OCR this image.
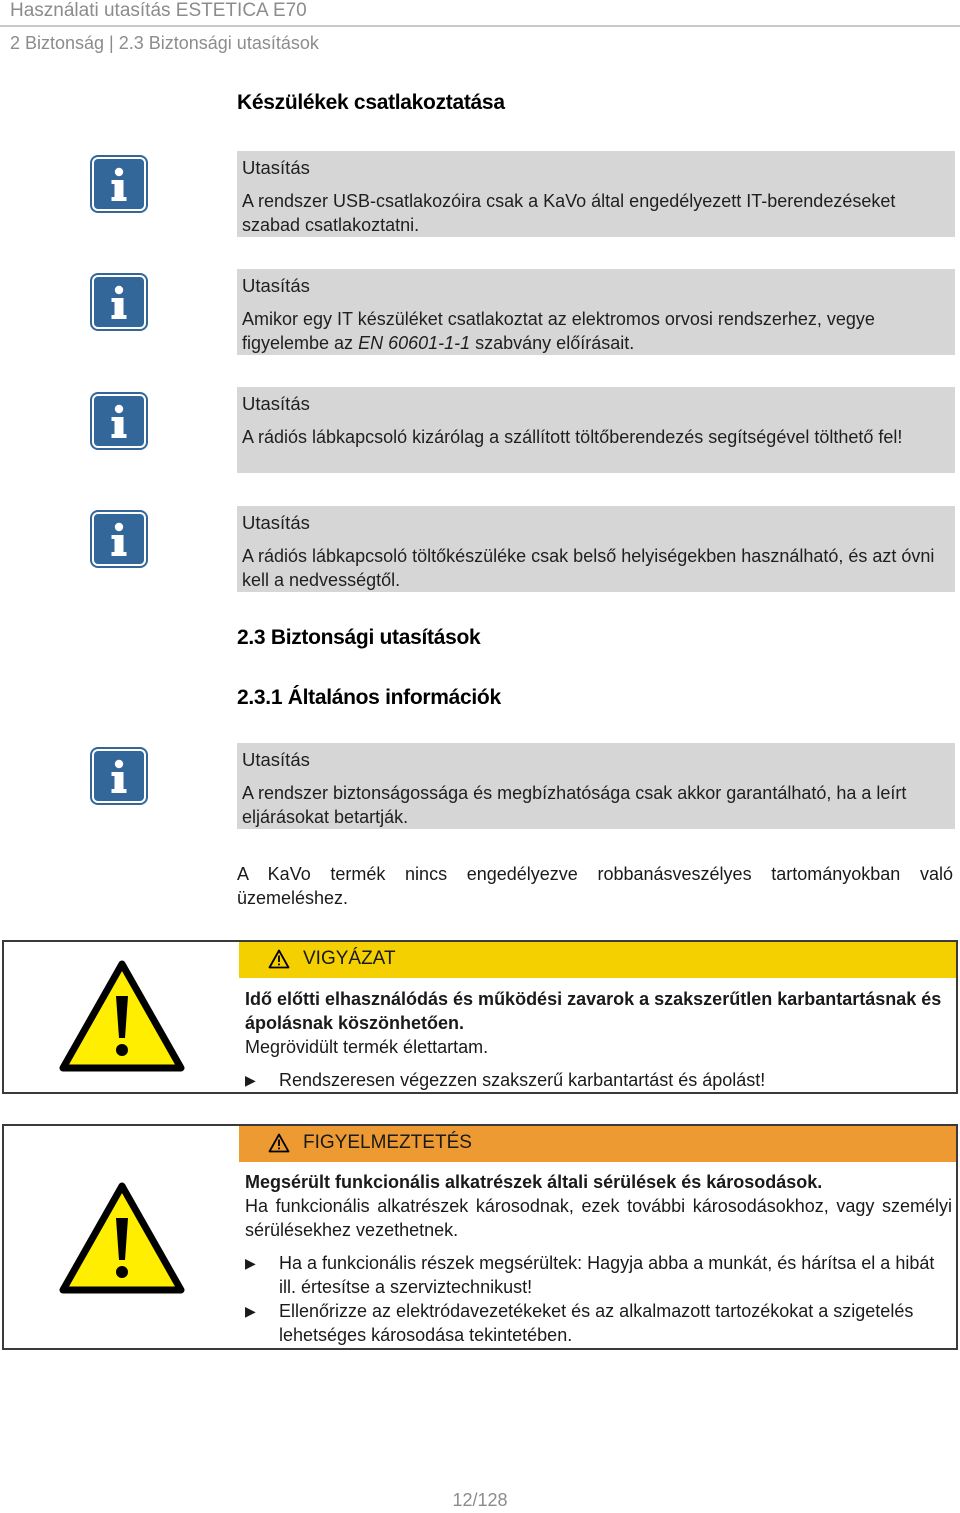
Használati utasítás ESTETICA E70
2 Biztonság | 2.3 Biztonsági utasítások
Készülékek csatlakoztatása
Utasítás
A rendszer USB-csatlakozóira csak a KaVo által engedélyezett IT-berendezéseket szabad csatlakoztatni.
Utasítás
Amikor egy IT készüléket csatlakoztat az elektromos orvosi rendszerhez, vegye figyelembe az EN 60601-1-1 szabvány előírásait.
Utasítás
A rádiós lábkapcsoló kizárólag a szállított töltőberendezés segítségével tölthető fel!
Utasítás
A rádiós lábkapcsoló töltőkészüléke csak belső helyiségekben használható, és azt óvni kell a nedvességtől.
2.3 Biztonsági utasítások
2.3.1 Általános információk
Utasítás
A rendszer biztonságossága és megbízhatósága csak akkor garantálható, ha a leírt eljárásokat betartják.
A KaVo termék nincs engedélyezve robbanásveszélyes tartományokban való üzemeléshez.
VIGYÁZAT
Idő előtti elhasználódás és működési zavarok a szakszerűtlen karbantartásnak és ápolásnak köszönhetően.
Megrövidült termék élettartam.
▶ Rendszeresen végezzen szakszerű karbantartást és ápolást!
FIGYELMEZTETÉS
Megsérült funkcionális alkatrészek általi sérülések és károsodások.
Ha funkcionális alkatrészek károsodnak, ezek további károsodásokhoz, vagy személyi sérülésekhez vezethetnek.
▶ Ha a funkcionális részek megsérültek: Hagyja abba a munkát, és hárítsa el a hibát ill. értesítse a szerviztechnikust!
▶ Ellenőrizze az elektródavezetékeket és az alkalmazott tartozékokat a szigetelés lehetséges károsodása tekintetében.
12/128
